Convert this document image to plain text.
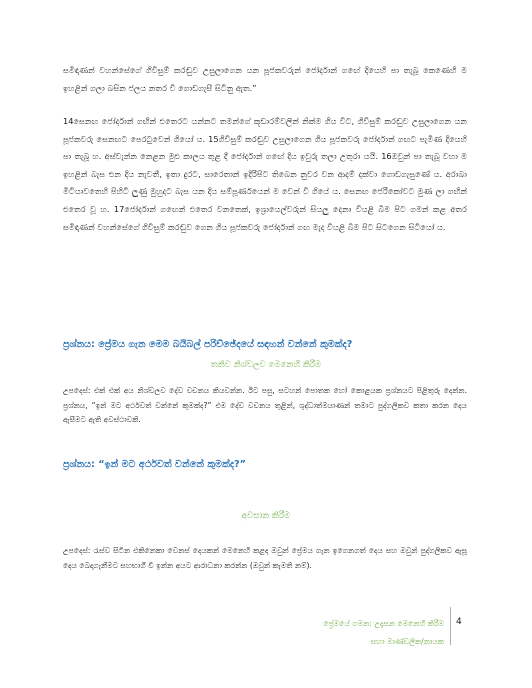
සමිඳාණන් වහන්සේගේ ගිවිසුම් කරඬුව උසුලාගෙන යන පූජකවරුන් ජෝර්දාන් ගඟේ දියෙහි පා තැබූ කෙණෙහි ම ඉහළින් ගලා බසින ජලය නතර වී ගොඩගැසී සිටිනු ඇත.”

14සෙනඟ ජෝර්දාන් ගඟින් එතෙරට යන්නට තමන්ගේ කූඩාරම්වලින් නික්ම ගිය විට, ගිවිසුම් කරඬුව උසුලාගෙන යන පූජකවරු සෙනඟට පෙරටුවෙන් ගියෝ ය. 15ගිවිසුම් කරඬුව උසුලාගෙන ගිය පූජකවරු ජෝර්දාන් ගඟට පැමිණ දියෙහි පා තැබූ හ. අස්වැන්න නෙළන මුළු කාලය තුළ දී ජෝර්දාන් ගඟේ දිය ඉවුරු තලා උතුරා යයි. 16ඔවුන් පා තැබූ වහා ම ඉහළින් බැස එන දිය නැවතී, ඉතා දුරට, සාරෙතාන් ඉදිරිපිට තිබෙන නුවර වන ආදම් දක්වා ගොඩගැසුණේ ය. අරාබා මිටියාවතෙහි පිහිටි ලුණු මුහුදට බැස යන දිය සම්පූර්ණයෙන් ම වෙන් වී ගියේ ය. සෙනඟ ජෙරිකෝවට මුණ ලා ගඟින් එතෙර වූ හ. 17ජෝර්දාන් ගඟෙන් එතෙර වනතෙක්, ඉශ්‍රායෙල්වරුන් සියලු දෙනා වියළි බිම පිට ගමන් කළ අතර සමිඳාණන් වහන්සේගේ ගිවිසුම් කරඬුව ගෙන ගිය පූජකවරු ජෝර්දාන් ගඟ මැද වියළි බිම පිට සිටගෙන සිටියෝ ය.

ප්‍රශ්නය: ප්‍රේමය ගැන මෙම බයිබල් පරිච්ඡේදයේ සඳහන් වන්නේ කුමක්ද?

තනිව නිශ්චලව මෙනෙහි කිරීම

උපදෙස්: එක් එක් අය නිශ්චලව දේව වචනය කියවන්න. ඊට පසු, සටහන් පොතක හෝ කොළයක ප්‍රශ්නයට පිළිතුරු දෙන්න. ප්‍රශ්නය, “ඉන් මට අර්ථවත් වන්නේ කුමක්ද?” එම දේව වචනය තුළින්, ශුද්ධාත්මයාණන් තමාට පුද්ගලිකව කතා කරන දෙය ඇසීමට ඇති අවස්ථාවකි.

ප්‍රශ්නය: “ඉන් මට අර්ථවත් වන්නේ කුමක්ද?”

අවසාන කිරීම

උපදෙස්: රැස්ව සිටින එකිනෙකා වෙනස් දෙයකන් මෙනෙහි කළද ඔවුන් ප්‍රේමය ගැන ඉගෙනගත් දෙය සහ ඔවුන් පුද්ගලිකව ඇසූ දෙය බෙදාගැනීමට සහභාගී වී ඉන්න අයට ආරාධනා කරන්න (ඔවුන් කැමති නම්).

ප්‍රේමයේ ගමන: උදෑසන මෙනෙහි කිරීම
සහා මාණ්ඩලික/නායක
4
